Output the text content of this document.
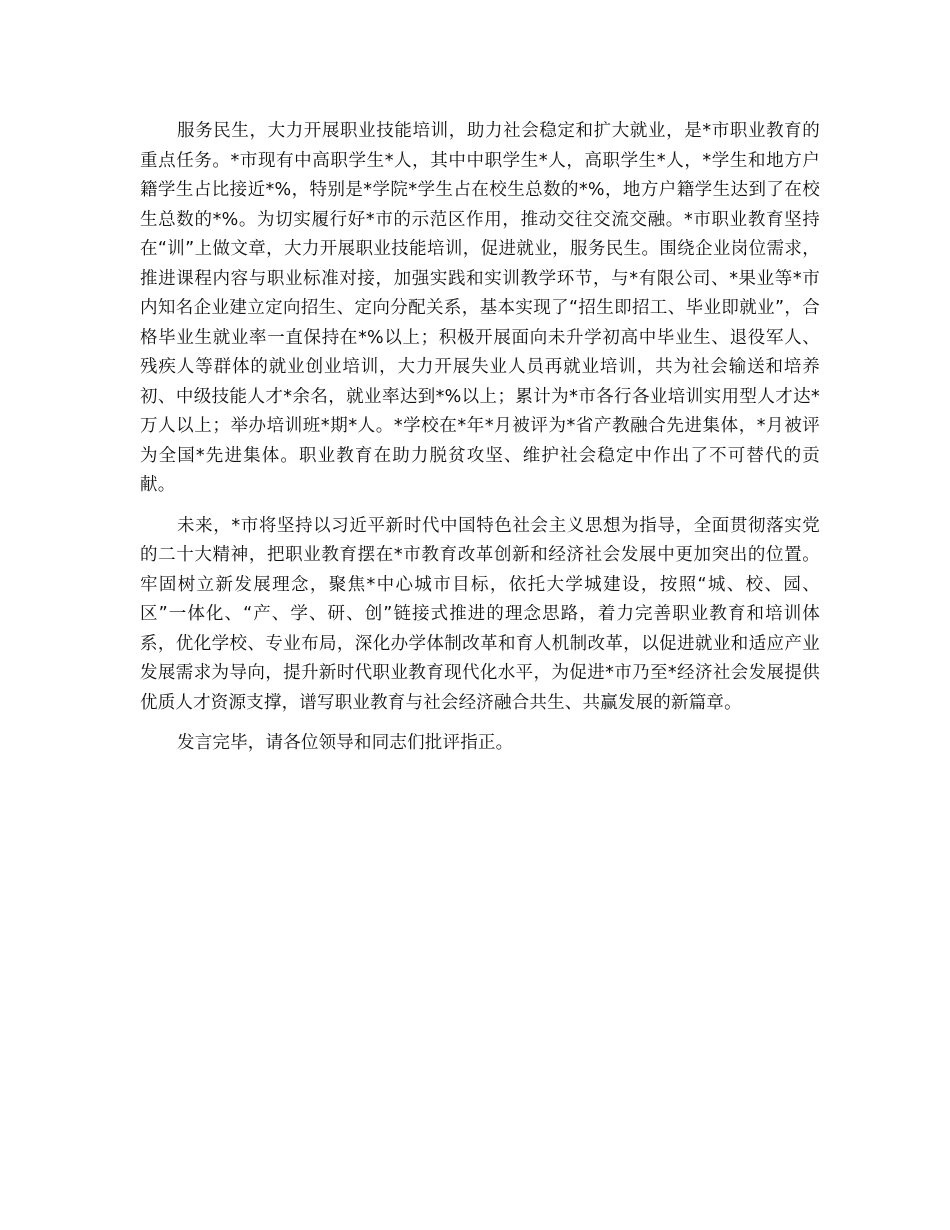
服务民生，大力开展职业技能培训，助力社会稳定和扩大就业，是*市职业教育的重点任务。*市现有中高职学生*人，其中中职学生*人，高职学生*人，*学生和地方户籍学生占比接近*%，特别是*学院*学生占在校生总数的*%，地方户籍学生达到了在校生总数的*%。为切实履行好*市的示范区作用，推动交往交流交融。*市职业教育坚持在“训”上做文章，大力开展职业技能培训，促进就业，服务民生。围绕企业岗位需求，推进课程内容与职业标准对接，加强实践和实训教学环节，与*有限公司、*果业等*市内知名企业建立定向招生、定向分配关系，基本实现了“招生即招工、毕业即就业”，合格毕业生就业率一直保持在*%以上；积极开展面向未升学初高中毕业生、退役军人、残疾人等群体的就业创业培训，大力开展失业人员再就业培训，共为社会输送和培养初、中级技能人才*余名，就业率达到*%以上；累计为*市各行各业培训实用型人才达*万人以上；举办培训班*期*人。*学校在*年*月被评为*省产教融合先进集体，*月被评为全国*先进集体。职业教育在助力脱贫攻坚、维护社会稳定中作出了不可替代的贡献。

未来，*市将坚持以习近平新时代中国特色社会主义思想为指导，全面贯彻落实党的二十大精神，把职业教育摆在*市教育改革创新和经济社会发展中更加突出的位置。牢固树立新发展理念，聚焦*中心城市目标，依托大学城建设，按照“城、校、园、区”一体化、“产、学、研、创”链接式推进的理念思路，着力完善职业教育和培训体系，优化学校、专业布局，深化办学体制改革和育人机制改革，以促进就业和适应产业发展需求为导向，提升新时代职业教育现代化水平，为促进*市乃至*经济社会发展提供优质人才资源支撑，谱写职业教育与社会经济融合共生、共赢发展的新篇章。

发言完毕，请各位领导和同志们批评指正。
